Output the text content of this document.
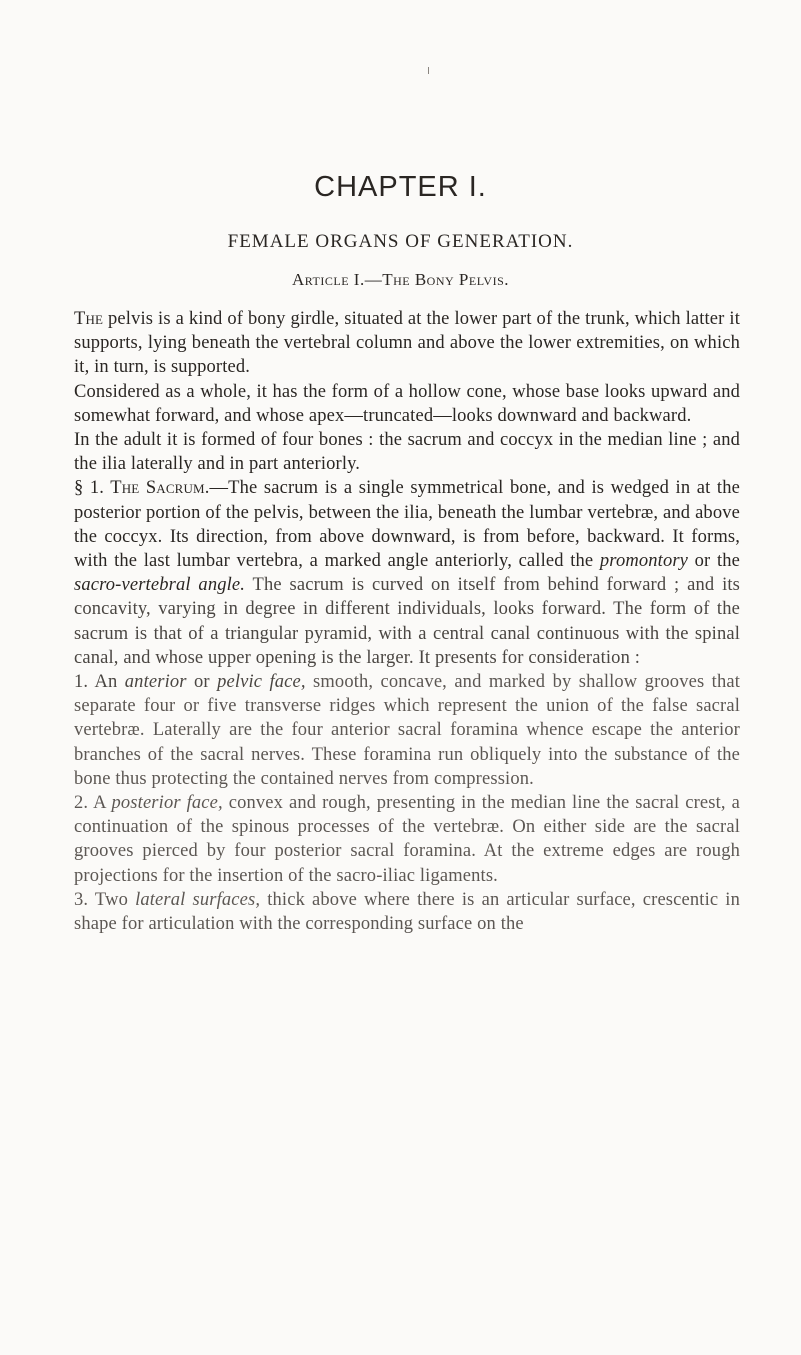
CHAPTER I.
FEMALE ORGANS OF GENERATION.
Article I.—The Bony Pelvis.

The pelvis is a kind of bony girdle, situated at the lower part of the trunk, which latter it supports, lying beneath the vertebral column and above the lower extremities, on which it, in turn, is supported.

Considered as a whole, it has the form of a hollow cone, whose base looks upward and somewhat forward, and whose apex—truncated—looks downward and backward.

In the adult it is formed of four bones : the sacrum and coccyx in the median line ; and the ilia laterally and in part anteriorly.

§ 1. The Sacrum.—The sacrum is a single symmetrical bone, and is wedged in at the posterior portion of the pelvis, between the ilia, beneath the lumbar vertebræ, and above the coccyx. Its direction, from above downward, is from before, backward. It forms, with the last lumbar vertebra, a marked angle anteriorly, called the promontory or the sacro-vertebral angle. The sacrum is curved on itself from behind forward ; and its concavity, varying in degree in different individuals, looks forward. The form of the sacrum is that of a triangular pyramid, with a central canal continuous with the spinal canal, and whose upper opening is the larger. It presents for consideration :

1. An anterior or pelvic face, smooth, concave, and marked by shallow grooves that separate four or five transverse ridges which represent the union of the false sacral vertebræ. Laterally are the four anterior sacral foramina whence escape the anterior branches of the sacral nerves. These foramina run obliquely into the substance of the bone thus protecting the contained nerves from compression.

2. A posterior face, convex and rough, presenting in the median line the sacral crest, a continuation of the spinous processes of the vertebræ. On either side are the sacral grooves pierced by four posterior sacral foramina. At the extreme edges are rough projections for the insertion of the sacro-iliac ligaments.

3. Two lateral surfaces, thick above where there is an articular surface, crescentic in shape for articulation with the corresponding surface on the
